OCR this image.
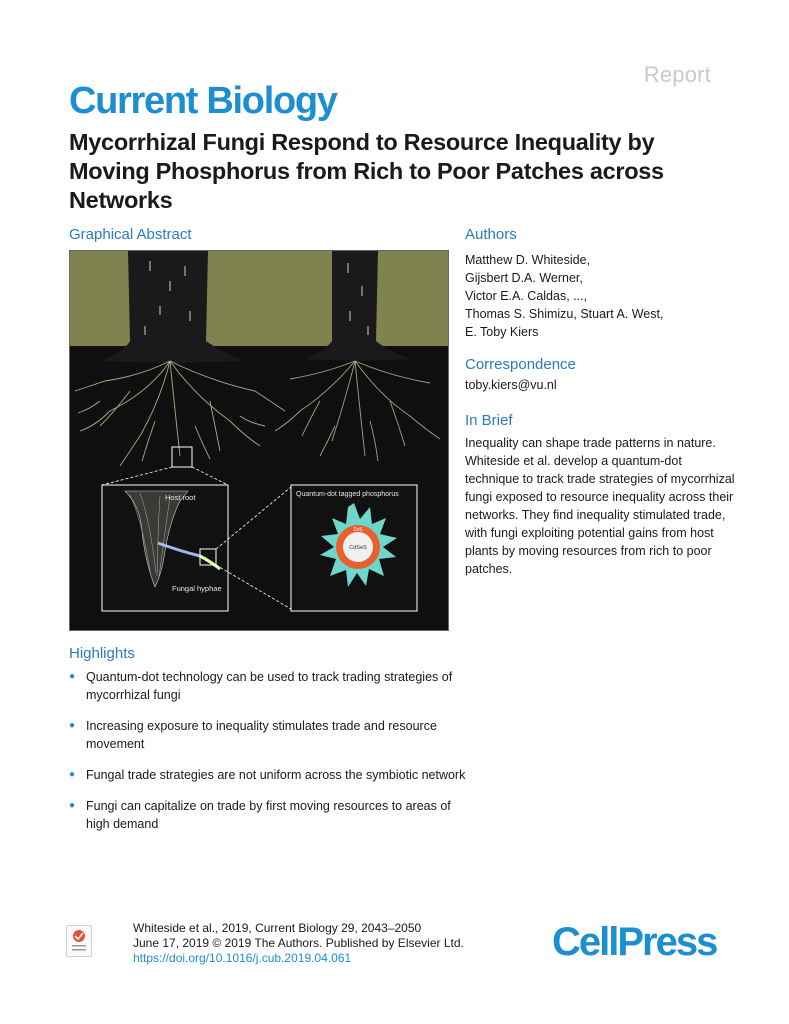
Report
Current Biology
Mycorrhizal Fungi Respond to Resource Inequality by Moving Phosphorus from Rich to Poor Patches across Networks
Graphical Abstract
Host root
Fungal hyphae
Quantum-dot tagged phosphorus
CdSeS
ZnS
Authors
Matthew D. Whiteside,
Gijsbert D.A. Werner,
Victor E.A. Caldas, ...,
Thomas S. Shimizu, Stuart A. West,
E. Toby Kiers
Correspondence
toby.kiers@vu.nl
In Brief
Inequality can shape trade patterns in nature. Whiteside et al. develop a quantum-dot technique to track trade strategies of mycorrhizal fungi exposed to resource inequality across their networks. They find inequality stimulated trade, with fungi exploiting potential gains from host plants by moving resources from rich to poor patches.
Highlights
● Quantum-dot technology can be used to track trading strategies of mycorrhizal fungi
● Increasing exposure to inequality stimulates trade and resource movement
● Fungal trade strategies are not uniform across the symbiotic network
● Fungi can capitalize on trade by first moving resources to areas of high demand
Whiteside et al., 2019, Current Biology 29, 2043–2050
June 17, 2019 © 2019 The Authors. Published by Elsevier Ltd.
https://doi.org/10.1016/j.cub.2019.04.061	CellPress
